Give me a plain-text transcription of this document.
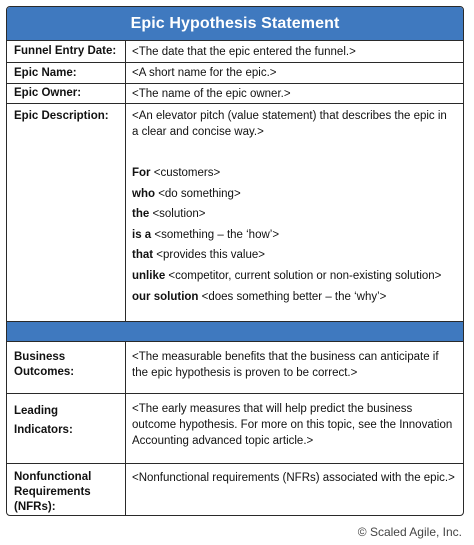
Epic Hypothesis Statement
Funnel Entry Date:	<The date that the epic entered the funnel.>
Epic Name:	<A short name for the epic.>
Epic Owner:	<The name of the epic owner.>
Epic Description:	<An elevator pitch (value statement) that describes the epic in a clear and concise way.>
For <customers>
who <do something>
the <solution>
is a <something – the ‘how’>
that <provides this value>
unlike <competitor, current solution or non-existing solution>
our solution <does something better – the ‘why’>
Business Outcomes:
<The measurable benefits that the business can anticipate if the epic hypothesis is proven to be correct.>
Leading
Indicators:
<The early measures that will help predict the business outcome hypothesis. For more on this topic, see the Innovation Accounting advanced topic article.>
Nonfunctional
Requirements
(NFRs):
<Nonfunctional requirements (NFRs) associated with the epic.>
© Scaled Agile, Inc.
